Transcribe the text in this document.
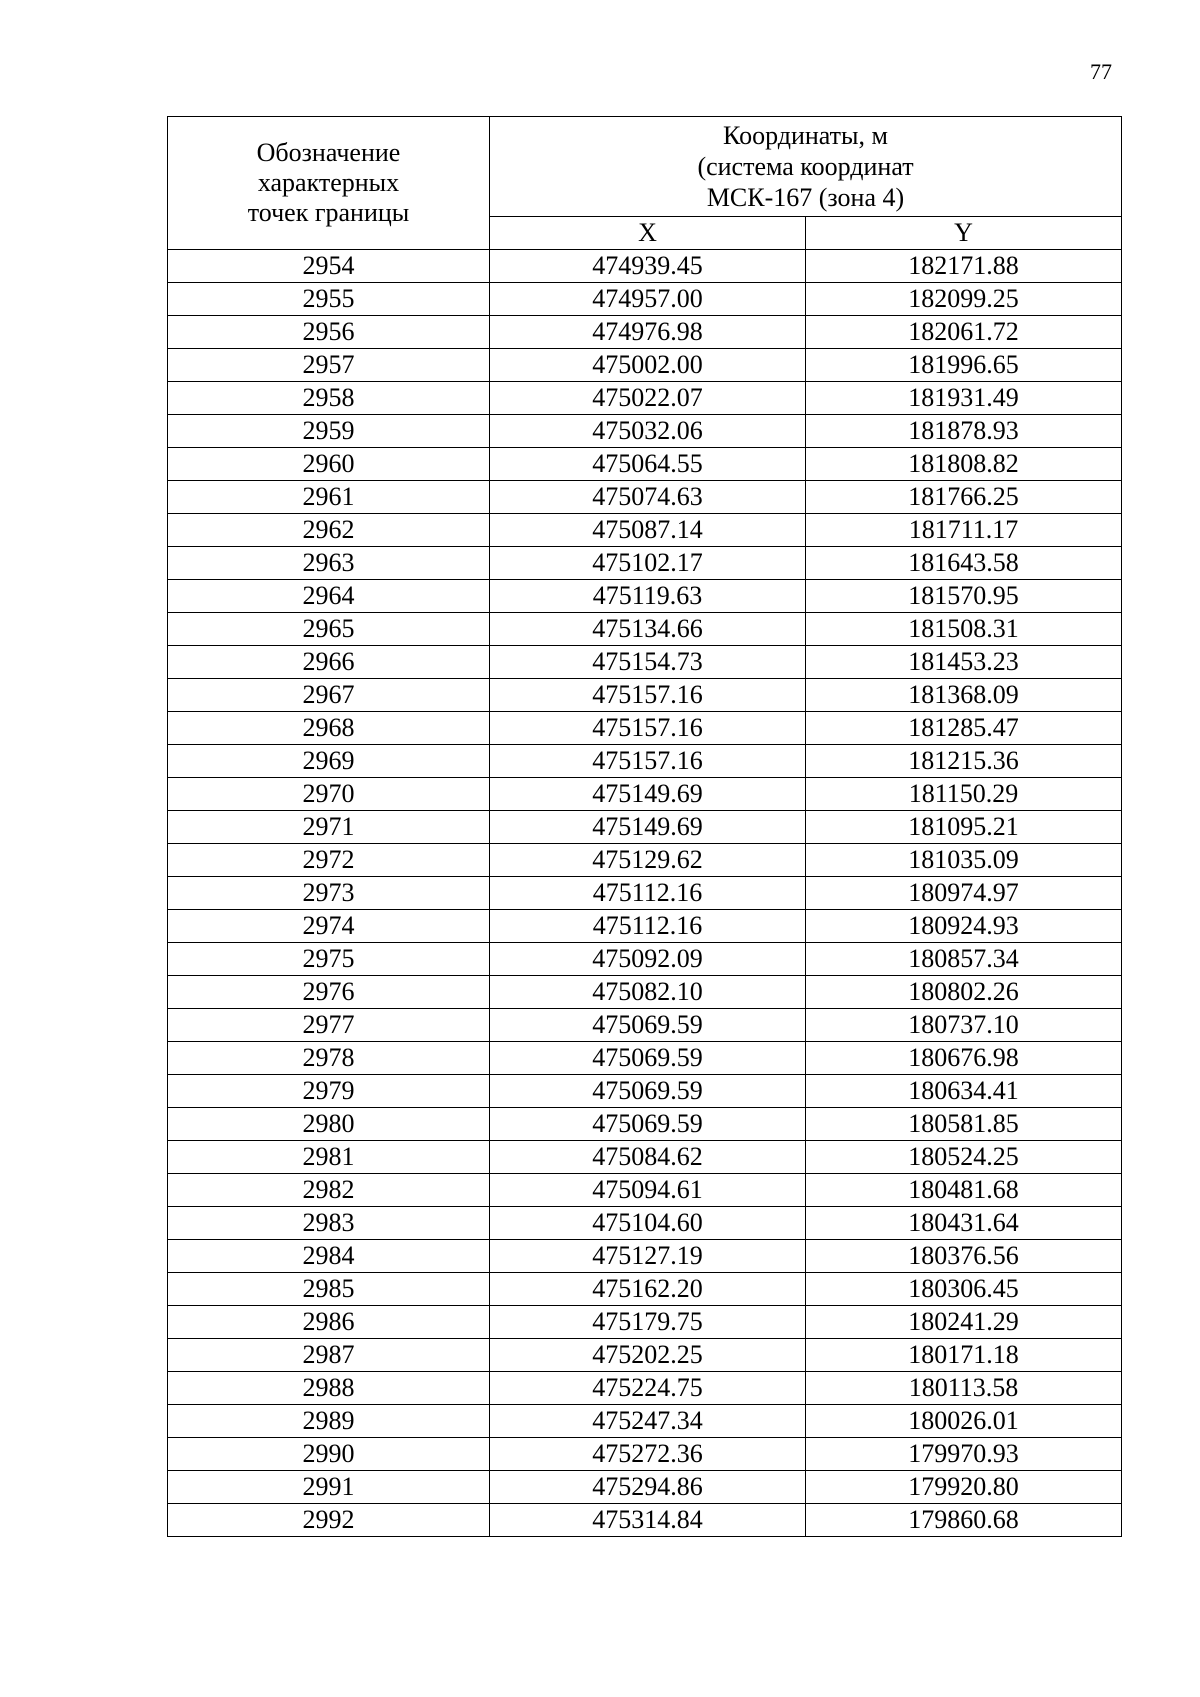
77
Обозначение
характерных
точек границы	Координаты, м
(система координат
МСК-167 (зона 4)	

	X	Y
2954	474939.45	182171.88
2955	474957.00	182099.25
2956	474976.98	182061.72
2957	475002.00	181996.65
2958	475022.07	181931.49
2959	475032.06	181878.93
2960	475064.55	181808.82
2961	475074.63	181766.25
2962	475087.14	181711.17
2963	475102.17	181643.58
2964	475119.63	181570.95
2965	475134.66	181508.31
2966	475154.73	181453.23
2967	475157.16	181368.09
2968	475157.16	181285.47
2969	475157.16	181215.36
2970	475149.69	181150.29
2971	475149.69	181095.21
2972	475129.62	181035.09
2973	475112.16	180974.97
2974	475112.16	180924.93
2975	475092.09	180857.34
2976	475082.10	180802.26
2977	475069.59	180737.10
2978	475069.59	180676.98
2979	475069.59	180634.41
2980	475069.59	180581.85
2981	475084.62	180524.25
2982	475094.61	180481.68
2983	475104.60	180431.64
2984	475127.19	180376.56
2985	475162.20	180306.45
2986	475179.75	180241.29
2987	475202.25	180171.18
2988	475224.75	180113.58
2989	475247.34	180026.01
2990	475272.36	179970.93
2991	475294.86	179920.80
2992	475314.84	179860.68
